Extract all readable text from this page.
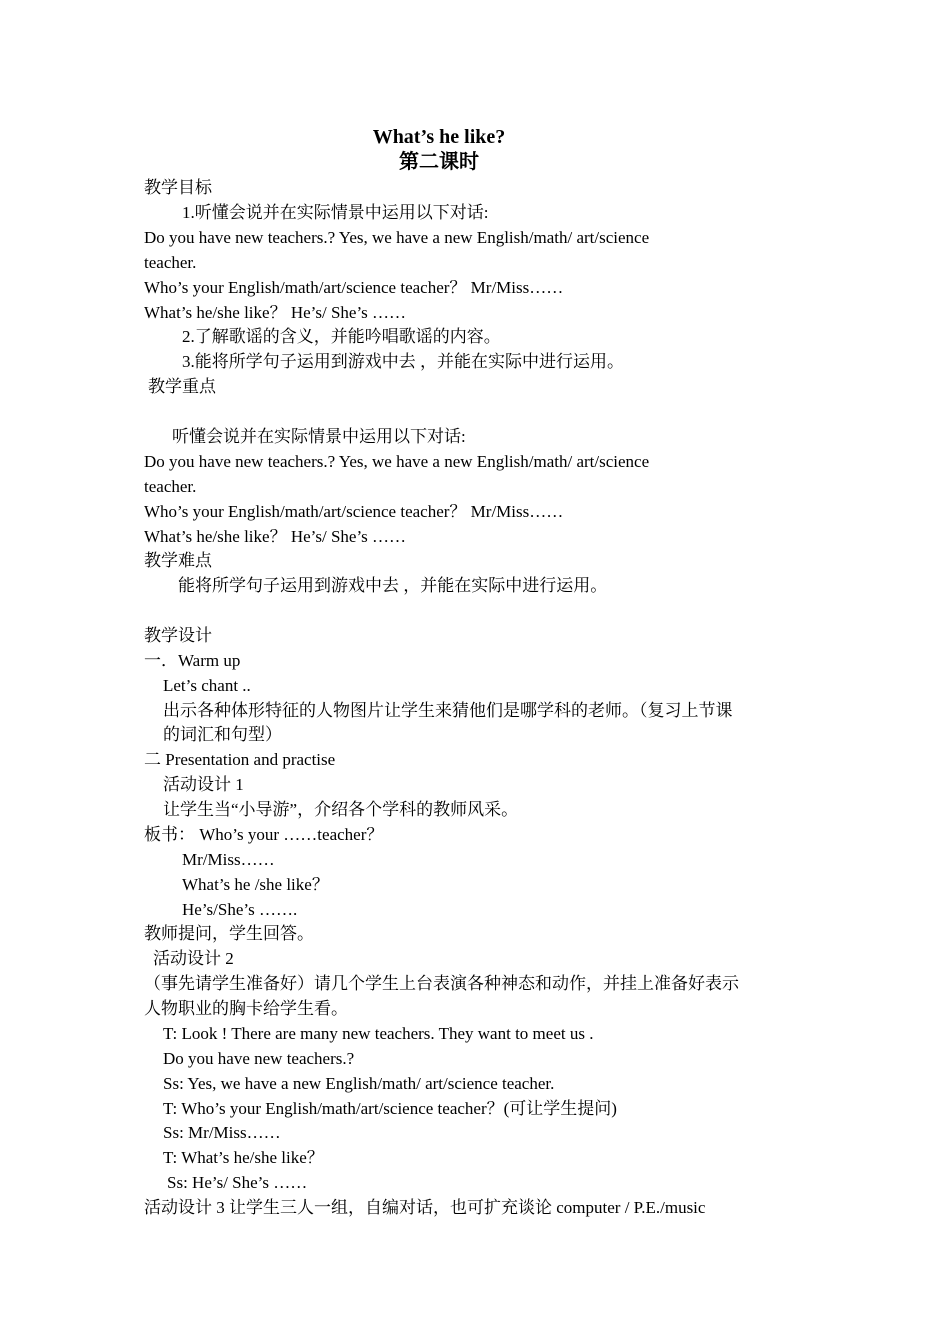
What’s he like?
第二课时
教学目标
1.听懂会说并在实际情景中运用以下对话:
Do you have new teachers.? Yes, we have a new English/math/ art/science
teacher.
Who’s your English/math/art/science teacher？ Mr/Miss……
What’s he/she like？ He’s/ She’s ……
2.了解歌谣的含义，并能吟唱歌谣的内容。
3.能将所学句子运用到游戏中去 ，并能在实际中进行运用。
教学重点
听懂会说并在实际情景中运用以下对话:
Do you have new teachers.? Yes, we have a new English/math/ art/science
teacher.
Who’s your English/math/art/science teacher？ Mr/Miss……
What’s he/she like？ He’s/ She’s ……
教学难点
能将所学句子运用到游戏中去 ，并能在实际中进行运用。
教学设计
一．Warm up
Let’s chant ..
出示各种体形特征的人物图片让学生来猜他们是哪学科的老师。（复习上节课
的词汇和句型）
二 Presentation and practise
活动设计 1
让学生当“小导游”，介绍各个学科的教师风采。
板书： Who’s your ……teacher？
Mr/Miss……
What’s he /she like？
He’s/She’s …….
教师提问，学生回答。
活动设计 2
（事先请学生准备好）请几个学生上台表演各种神态和动作，并挂上准备好表示
人物职业的胸卡给学生看。
T: Look ! There are many new teachers. They want to meet us .
Do you have new teachers.?
Ss: Yes, we have a new English/math/ art/science teacher.
T: Who’s your English/math/art/science teacher？(可让学生提问)
Ss: Mr/Miss……
T: What’s he/she like？
Ss: He’s/ She’s ……
活动设计 3 让学生三人一组，自编对话，也可扩充谈论 computer / P.E./music
